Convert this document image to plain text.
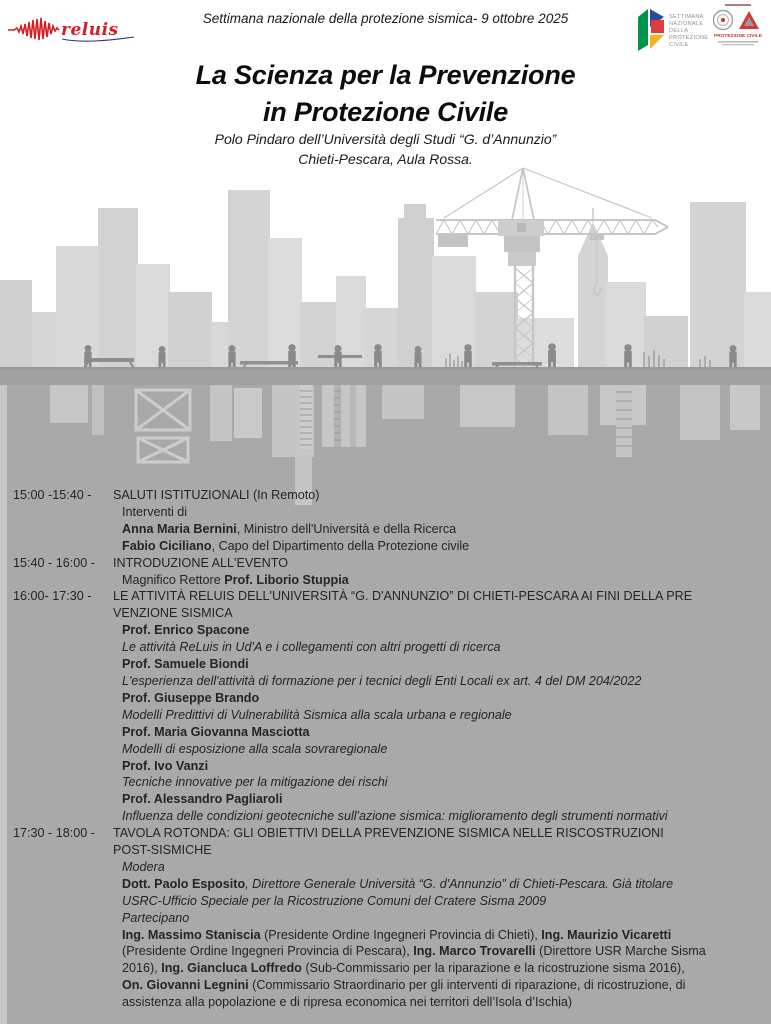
reluis
Settimana nazionale della protezione sismica- 9 ottobre 2025	SETTIMANA
NAZIONALE
DELLA
PROTEZIONE
CIVILE
PROTEZIONE CIVILE
La Scienza per la Prevenzione
in Protezione Civile
Polo Pindaro dell’Università degli Studi “G. d’Annunzio”
Chieti-Pescara, Aula Rossa.
15:00 -15:40 - SALUTI ISTITUZIONALI (In Remoto)
Interventi di
Anna Maria Bernini, Ministro dell'Università e della Ricerca
Fabio Ciciliano, Capo del Dipartimento della Protezione civile
15:40 - 16:00 - INTRODUZIONE ALL'EVENTO
Magnifico Rettore Prof. Liborio Stuppia
16:00- 17:30 - LE ATTIVITÀ RELUIS DELL'UNIVERSITÀ “G. D'ANNUNZIO” DI CHIETI-PESCARA AI FINI DELLA PRE
VENZIONE SISMICA
Prof. Enrico Spacone
Le attività ReLuis in Ud'A e i collegamenti con altri progetti di ricerca
Prof. Samuele Biondi
L'esperienza dell'attività di formazione per i tecnici degli Enti Locali ex art. 4 del DM 204/2022
Prof. Giuseppe Brando
Modelli Predittivi di Vulnerabilità Sismica alla scala urbana e regionale
Prof. Maria Giovanna Masciotta
Modelli di esposizione alla scala sovraregionale
Prof. Ivo Vanzi
Tecniche innovative per la mitigazione dei rischi
Prof. Alessandro Pagliaroli
Influenza delle condizioni geotecniche sull'azione sismica: miglioramento degli strumenti normativi
17:30 - 18:00 - TAVOLA ROTONDA: GLI OBIETTIVI DELLA PREVENZIONE SISMICA NELLE RISCOSTRUZIONI
POST-SISMICHE
Modera
Dott. Paolo Esposito, Direttore Generale Università “G. d'Annunzio” di Chieti-Pescara. Già titolare
USRC-Ufficio Speciale per la Ricostruzione Comuni del Cratere Sisma 2009
Partecipano
Ing. Massimo Staniscia (Presidente Ordine Ingegneri Provincia di Chieti), Ing. Maurizio Vicaretti
(Presidente Ordine Ingegneri Provincia di Pescara), Ing. Marco Trovarelli (Direttore USR Marche Sisma
2016), Ing. Giancluca Loffredo (Sub-Commissario per la riparazione e la ricostruzione sisma 2016),
On. Giovanni Legnini (Commissario Straordinario per gli interventi di riparazione, di ricostruzione, di
assistenza alla popolazione e di ripresa economica nei territori dell’Isola d’Ischia)
